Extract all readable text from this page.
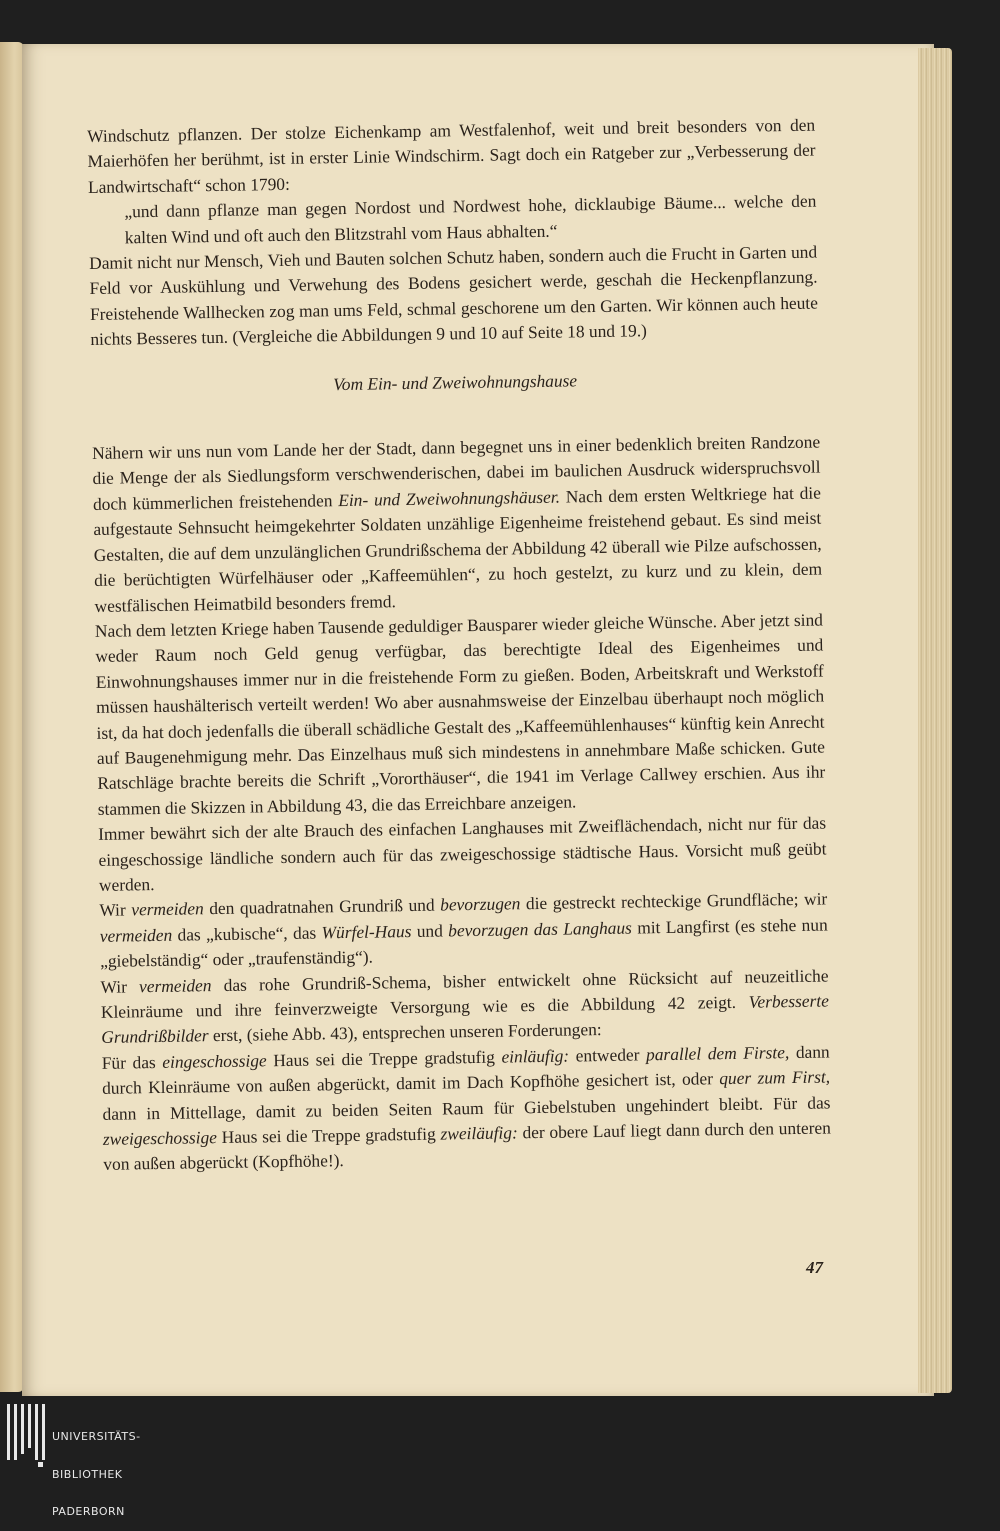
Windschutz pflanzen. Der stolze Eichenkamp am Westfalenhof, weit und breit besonders von den Maierhöfen her berühmt, ist in erster Linie Windschirm. Sagt doch ein Ratgeber zur „Verbesserung der Landwirtschaft“ schon 1790:

„und dann pflanze man gegen Nordost und Nordwest hohe, dicklaubige Bäume... welche den kalten Wind und oft auch den Blitzstrahl vom Haus abhalten.“

Damit nicht nur Mensch, Vieh und Bauten solchen Schutz haben, sondern auch die Frucht in Garten und Feld vor Auskühlung und Verwehung des Bodens gesichert werde, geschah die Heckenpflanzung. Freistehende Wallhecken zog man ums Feld, schmal geschorene um den Garten. Wir können auch heute nichts Besseres tun. (Vergleiche die Abbildungen 9 und 10 auf Seite 18 und 19.)

Vom Ein- und Zweiwohnungshause

Nähern wir uns nun vom Lande her der Stadt, dann begegnet uns in einer bedenklich breiten Randzone die Menge der als Siedlungsform verschwenderischen, dabei im baulichen Ausdruck widerspruchsvoll doch kümmerlichen freistehenden Ein- und Zweiwohnungshäuser. Nach dem ersten Weltkriege hat die aufgestaute Sehnsucht heimgekehrter Soldaten unzählige Eigenheime freistehend gebaut. Es sind meist Gestalten, die auf dem unzulänglichen Grundrißschema der Abbildung 42 überall wie Pilze aufschossen, die berüchtigten Würfelhäuser oder „Kaffeemühlen“, zu hoch gestelzt, zu kurz und zu klein, dem westfälischen Heimatbild besonders fremd.

Nach dem letzten Kriege haben Tausende geduldiger Bausparer wieder gleiche Wünsche. Aber jetzt sind weder Raum noch Geld genug verfügbar, das berechtigte Ideal des Eigenheimes und Einwohnungshauses immer nur in die freistehende Form zu gießen. Boden, Arbeitskraft und Werkstoff müssen haushälterisch verteilt werden! Wo aber ausnahmsweise der Einzelbau überhaupt noch möglich ist, da hat doch jedenfalls die überall schädliche Gestalt des „Kaffeemühlenhauses“ künftig kein Anrecht auf Baugenehmigung mehr. Das Einzelhaus muß sich mindestens in annehmbare Maße schicken. Gute Ratschläge brachte bereits die Schrift „Vororthäuser“, die 1941 im Verlage Callwey erschien. Aus ihr stammen die Skizzen in Abbildung 43, die das Erreichbare anzeigen.

Immer bewährt sich der alte Brauch des einfachen Langhauses mit Zweiflächendach, nicht nur für das eingeschossige ländliche sondern auch für das zweigeschossige städtische Haus. Vorsicht muß geübt werden.

Wir vermeiden den quadratnahen Grundriß und bevorzugen die gestreckt rechteckige Grundfläche; wir vermeiden das „kubische“, das Würfel-Haus und bevorzugen das Langhaus mit Langfirst (es stehe nun „giebelständig“ oder „traufenständig“).

Wir vermeiden das rohe Grundriß-Schema, bisher entwickelt ohne Rücksicht auf neuzeitliche Kleinräume und ihre feinverzweigte Versorgung wie es die Abbildung 42 zeigt. Verbesserte Grundrißbilder erst, (siehe Abb. 43), entsprechen unseren Forderungen:

Für das eingeschossige Haus sei die Treppe gradstufig einläufig: entweder parallel dem Firste, dann durch Kleinräume von außen abgerückt, damit im Dach Kopfhöhe gesichert ist, oder quer zum First, dann in Mittellage, damit zu beiden Seiten Raum für Giebelstuben ungehindert bleibt. Für das zweigeschossige Haus sei die Treppe gradstufig zweiläufig: der obere Lauf liegt dann durch den unteren von außen abgerückt (Kopfhöhe!).

47

UNIVERSITÄTS-

BIBLIOTHEK

PADERBORN
